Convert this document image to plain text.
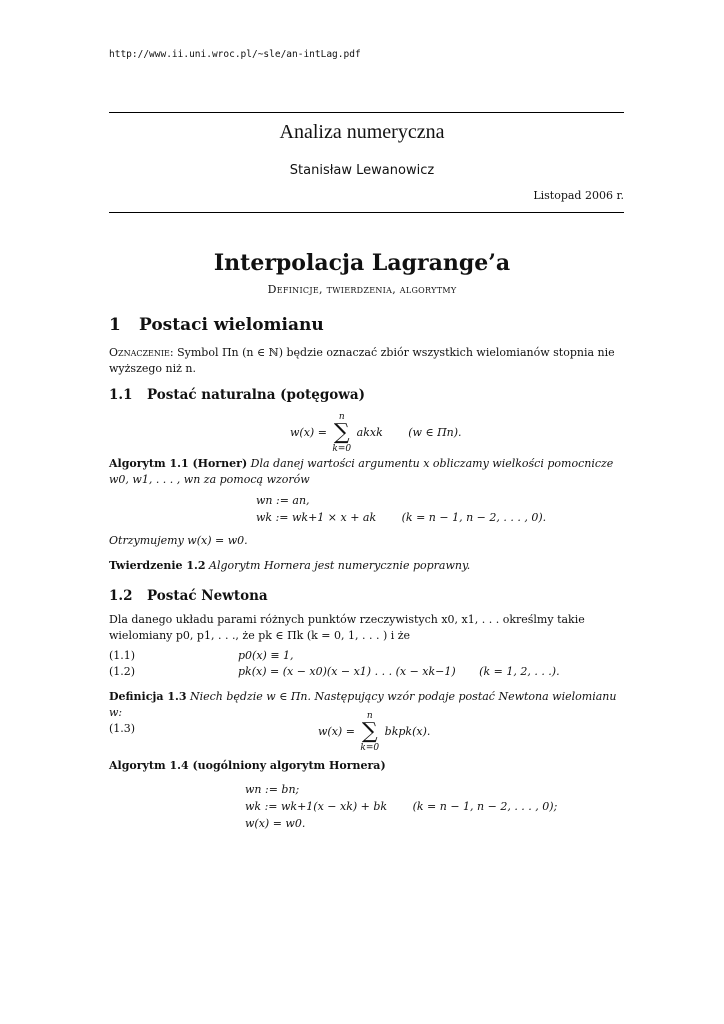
http://www.ii.uni.wroc.pl/~sle/an-intLag.pdf
Analiza numeryczna
Stanisław Lewanowicz
Listopad 2006 r.
Interpolacja Lagrange’a
Definicje, twierdzenia, algorytmy
1 Postaci wielomianu
Oznaczenie: Symbol Πn (n ∈ ℕ) będzie oznaczać zbiór wszystkich wielomianów stopnia nie wyższego niż n.
1.1 Postać naturalna (potęgowa)
w(x) = n
∑
k=0 akxk (w ∈ Πn).
Algorytm 1.1 (Horner) Dla danej wartości argumentu x obliczamy wielkości pomocnicze w0, w1, . . . , wn za pomocą wzorów
wn := an,
wk := wk+1 × x + ak (k = n − 1, n − 2, . . . , 0).
Otrzymujemy w(x) = w0.
Twierdzenie 1.2 Algorytm Hornera jest numerycznie poprawny.
1.2 Postać Newtona
Dla danego układu parami różnych punktów rzeczywistych x0, x1, . . . określmy takie wielomiany p0, p1, . . ., że pk ∈ Πk (k = 0, 1, . . . ) i że
(1.1)	p0(x) ≡ 1,
(1.2)	pk(x) = (x − x0)(x − x1) . . . (x − xk−1) (k = 1, 2, . . .).
Definicja 1.3 Niech będzie w ∈ Πn. Następujący wzór podaje postać Newtona wielomianu w:
(1.3)	w(x) = n
∑
k=0 bkpk(x).
Algorytm 1.4 (uogólniony algorytm Hornera)
wn := bn;
wk := wk+1(x − xk) + bk (k = n − 1, n − 2, . . . , 0);
w(x) = w0.
